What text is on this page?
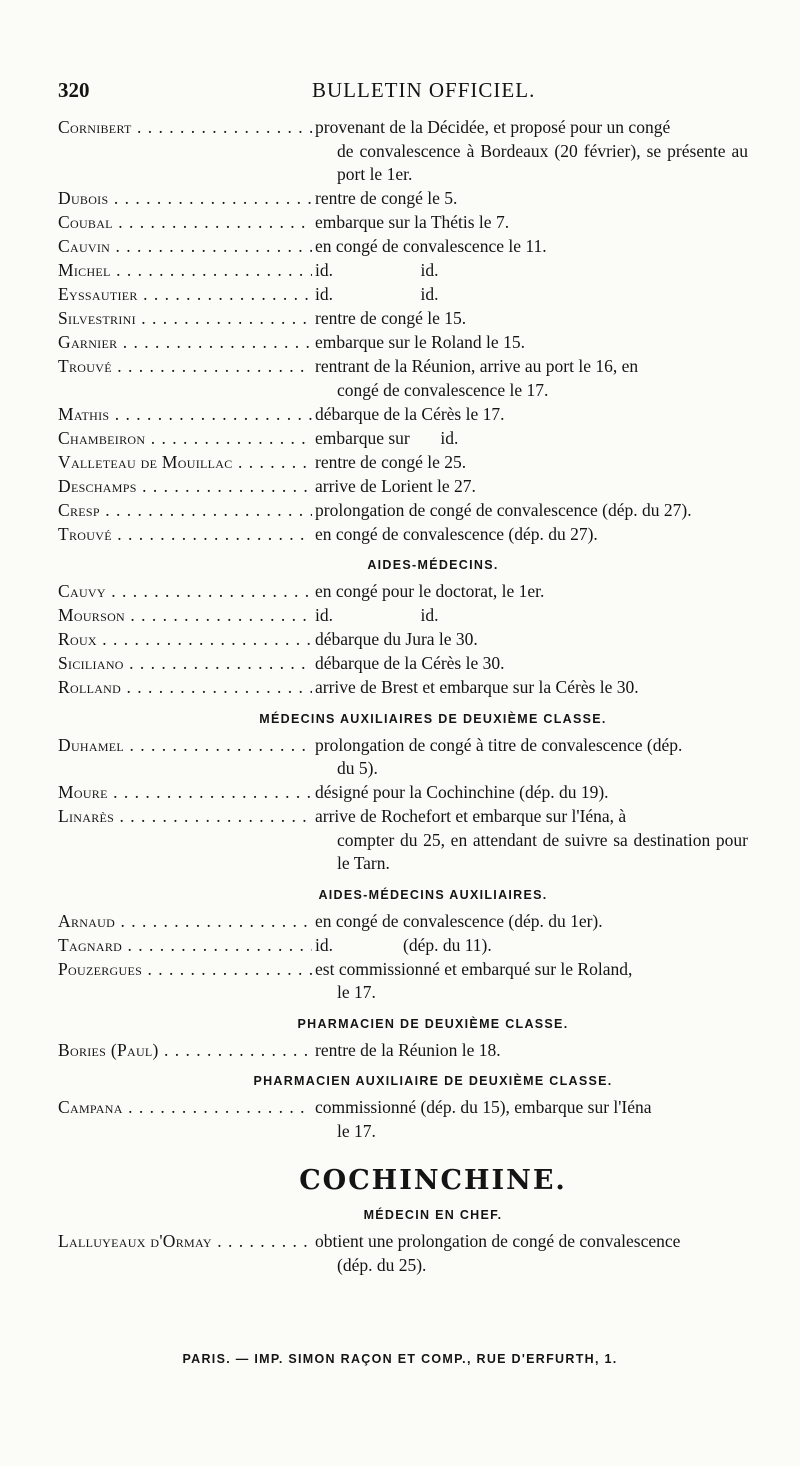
320	BULLETIN OFFICIEL.
Cornibert . . .	provenant de la Décidée, et proposé pour un congé
de convalescence à Bordeaux (20 février), se présente au port le 1er.
Dubois . . .	rentre de congé le 5.
Coubal . . .	embarque sur la Thétis le 7.
Cauvin . . .	en congé de convalescence le 11.
Michel . . .	id.                    id.
Eyssautier . . .	id.                    id.
Silvestrini . . .	rentre de congé le 15.
Garnier . . .	embarque sur le Roland le 15.
Trouvé . . .	rentrant de la Réunion, arrive au port le 16, en
congé de convalescence le 17.
Mathis . . .	débarque de la Cérès le 17.
Chambeiron . . .	embarque sur       id.
Valleteau de Mouillac . . .	rentre de congé le 25.
Deschamps . . .	arrive de Lorient le 27.
Cresp . . .	prolongation de congé de convalescence (dép. du 27).
Trouvé . . .	en congé de convalescence (dép. du 27).
AIDES-MÉDECINS.
Cauvy . . .	en congé pour le doctorat, le 1er.
Mourson . . .	id.                    id.
Roux . . .	débarque du Jura le 30.
Siciliano . . .	débarque de la Cérès le 30.
Rolland . . .	arrive de Brest et embarque sur la Cérès le 30.
MÉDECINS AUXILIAIRES DE DEUXIÈME CLASSE.
Duhamel . . .	prolongation de congé à titre de convalescence (dép.
du 5).
Moure . . .	désigné pour la Cochinchine (dép. du 19).
Linarès . . .	arrive de Rochefort et embarque sur l'Iéna, à
compter du 25, en attendant de suivre sa destination pour le Tarn.
AIDES-MÉDECINS AUXILIAIRES.
Arnaud . . .	en congé de convalescence (dép. du 1er).
Tagnard . . .	id.                (dép. du 11).
Pouzergues . . .	est commissionné et embarqué sur le Roland,
le 17.
PHARMACIEN DE DEUXIÈME CLASSE.
Bories (Paul) . . .	rentre de la Réunion le 18.
PHARMACIEN AUXILIAIRE DE DEUXIÈME CLASSE.
Campana . . .	commissionné (dép. du 15), embarque sur l'Iéna
le 17.
COCHINCHINE.
MÉDECIN EN CHEF.
Lalluyeaux d'Ormay . . .	obtient une prolongation de congé de convalescence
(dép. du 25).
PARIS. — IMP. SIMON RAÇON ET COMP., RUE D'ERFURTH, 1.
